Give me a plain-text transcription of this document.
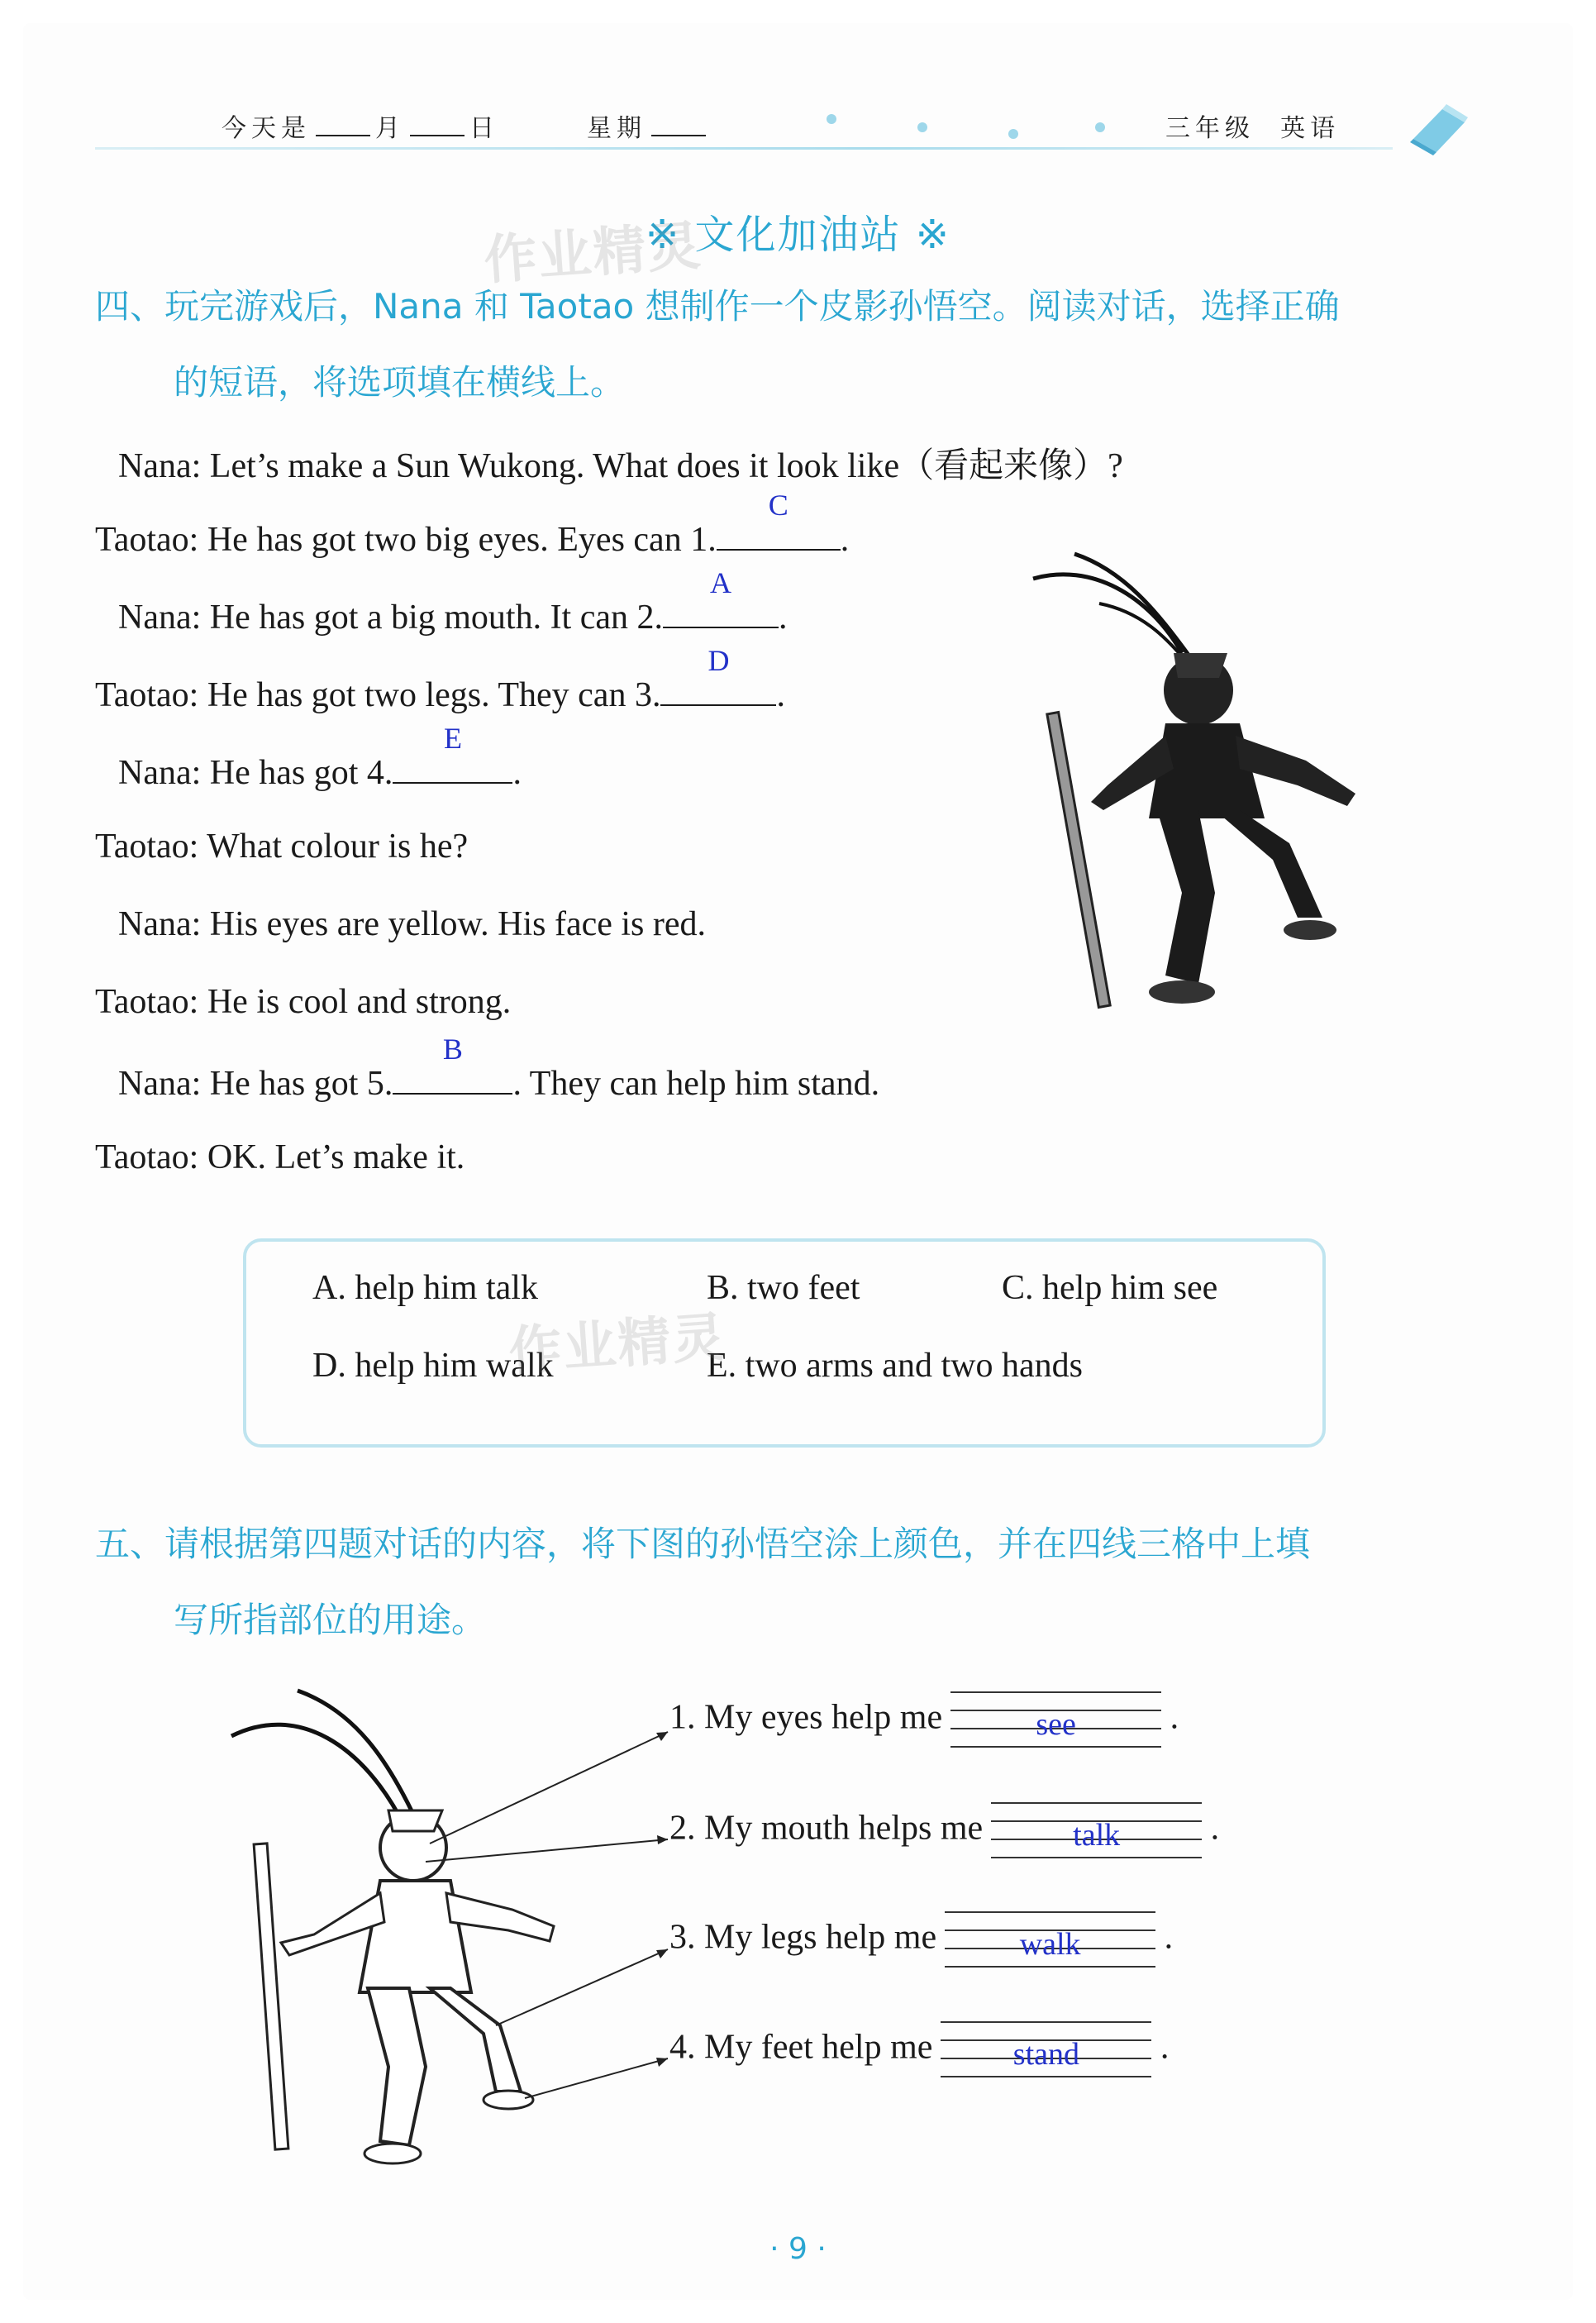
今天是	月	日	星期	三年级 英语
※ 文化加油站 ※
作业精灵
四、玩完游戏后，Nana 和 Taotao 想制作一个皮影孙悟空。阅读对话，选择正确
的短语，将选项填在横线上。
Nana: Let’s make a Sun Wukong. What does it look like（看起来像）?
Taotao: He has got two big eyes. Eyes can 1.
C
.
Nana: He has got a big mouth. It can 2.
A
.
Taotao: He has got two legs. They can 3.
D
.
Nana: He has got 4.
E
.
Taotao: What colour is he?
Nana: His eyes are yellow. His face is red.
Taotao: He is cool and strong.
Nana: He has got 5.
B
. They can help him stand.
Taotao: OK. Let’s make it.
A. help him talk	B. two feet	C. help him see
D. help him walk	E. two arms and two hands
作业精灵
五、请根据第四题对话的内容，将下图的孙悟空涂上颜色，并在四线三格中上填
写所指部位的用途。
1. My eyes help me	see	.
2. My mouth helps me	talk	.
3. My legs help me	walk	.
4. My feet help me	stand	.
· 9 ·
